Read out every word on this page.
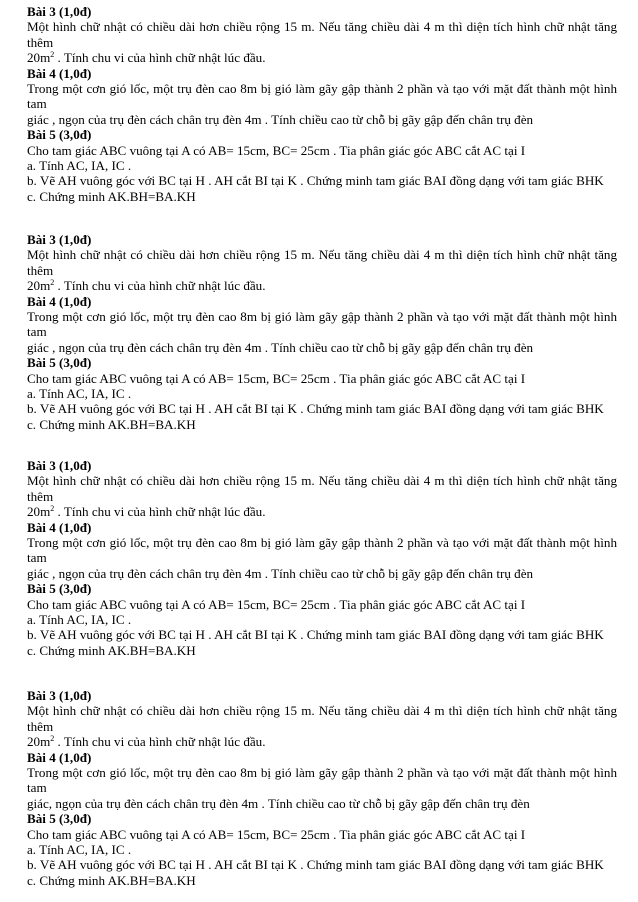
Bài 3 (1,0đ)

Một hình chữ nhật có chiều dài hơn chiều rộng 15 m. Nếu tăng chiều dài 4 m thì diện tích hình chữ nhật tăng thêm

$20m^2$ . Tính chu vi của hình chữ nhật lúc đầu.

Bài 4 (1,0đ)

Trong một cơn gió lốc, một trụ đèn cao 8m bị gió làm gãy gập thành 2 phần và tạo với mặt đất thành một hình tam

giác , ngọn của trụ đèn cách chân trụ đèn 4m . Tính chiều cao từ chỗ bị gãy gập đến chân trụ đèn

Bài 5 (3,0đ)

Cho tam giác ABC vuông tại A có AB= 15cm, BC= 25cm . Tia phân giác góc ABC cắt AC tại I

a. Tính AC, IA, IC .

b. Vẽ AH vuông góc với BC tại H . AH cắt BI tại K . Chứng minh tam giác BAI đồng dạng với tam giác BHK

c. Chứng minh AK.BH=BA.KH

Bài 3 (1,0đ)

Một hình chữ nhật có chiều dài hơn chiều rộng 15 m. Nếu tăng chiều dài 4 m thì diện tích hình chữ nhật tăng thêm

$20m^2$ . Tính chu vi của hình chữ nhật lúc đầu.

Bài 4 (1,0đ)

Trong một cơn gió lốc, một trụ đèn cao 8m bị gió làm gãy gập thành 2 phần và tạo với mặt đất thành một hình tam

giác , ngọn của trụ đèn cách chân trụ đèn 4m . Tính chiều cao từ chỗ bị gãy gập đến chân trụ đèn

Bài 5 (3,0đ)

Cho tam giác ABC vuông tại A có AB= 15cm, BC= 25cm . Tia phân giác góc ABC cắt AC tại I

a. Tính AC, IA, IC .

b. Vẽ AH vuông góc với BC tại H . AH cắt BI tại K . Chứng minh tam giác BAI đồng dạng với tam giác BHK

c. Chứng minh AK.BH=BA.KH

Bài 3 (1,0đ)

Một hình chữ nhật có chiều dài hơn chiều rộng 15 m. Nếu tăng chiều dài 4 m thì diện tích hình chữ nhật tăng thêm

$20m^2$ . Tính chu vi của hình chữ nhật lúc đầu.

Bài 4 (1,0đ)

Trong một cơn gió lốc, một trụ đèn cao 8m bị gió làm gãy gập thành 2 phần và tạo với mặt đất thành một hình tam

giác , ngọn của trụ đèn cách chân trụ đèn 4m . Tính chiều cao từ chỗ bị gãy gập đến chân trụ đèn

Bài 5 (3,0đ)

Cho tam giác ABC vuông tại A có AB= 15cm, BC= 25cm . Tia phân giác góc ABC cắt AC tại I

a. Tính AC, IA, IC .

b. Vẽ AH vuông góc với BC tại H . AH cắt BI tại K . Chứng minh tam giác BAI đồng dạng với tam giác BHK

c. Chứng minh AK.BH=BA.KH

Bài 3 (1,0đ)

Một hình chữ nhật có chiều dài hơn chiều rộng 15 m. Nếu tăng chiều dài 4 m thì diện tích hình chữ nhật tăng thêm

$20m^2$ . Tính chu vi của hình chữ nhật lúc đầu.

Bài 4 (1,0đ)

Trong một cơn gió lốc, một trụ đèn cao 8m bị gió làm gãy gập thành 2 phần và tạo với mặt đất thành một hình tam

giác, ngọn của trụ đèn cách chân trụ đèn 4m . Tính chiều cao từ chỗ bị gãy gập đến chân trụ đèn

Bài 5 (3,0đ)

Cho tam giác ABC vuông tại A có AB= 15cm, BC= 25cm . Tia phân giác góc ABC cắt AC tại I

a. Tính AC, IA, IC .

b. Vẽ AH vuông góc với BC tại H . AH cắt BI tại K . Chứng minh tam giác BAI đồng dạng với tam giác BHK

c. Chứng minh AK.BH=BA.KH
